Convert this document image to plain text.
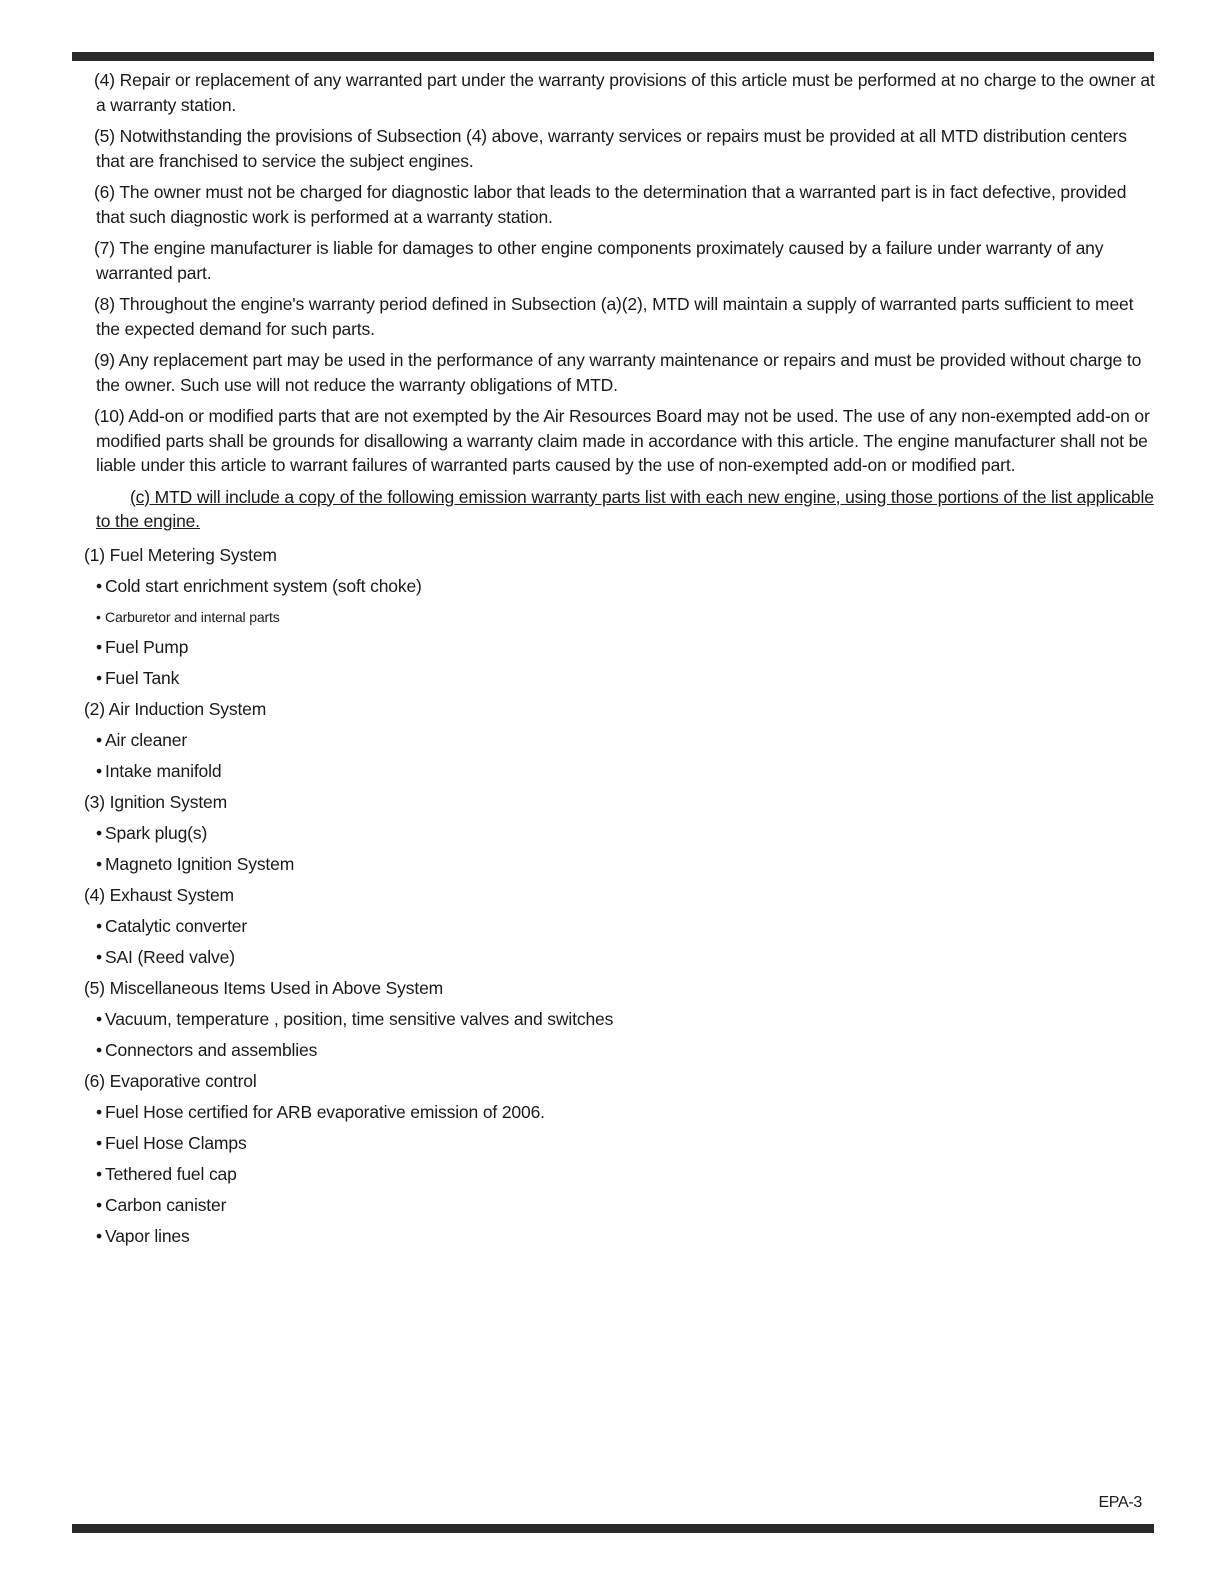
(4) Repair or replacement of any warranted part under the warranty provisions of this article must be performed at no charge to the owner at a warranty station.

(5) Notwithstanding the provisions of Subsection (4) above, warranty services or repairs must be provided at all MTD distribution centers that are franchised to service the subject engines.

(6) The owner must not be charged for diagnostic labor that leads to the determination that a warranted part is in fact defective, provided that such diagnostic work is performed at a warranty station.

(7) The engine manufacturer is liable for damages to other engine components proximately caused by a failure under warranty of any warranted part.

(8) Throughout the engine's warranty period defined in Subsection (a)(2), MTD will maintain a supply of warranted parts sufficient to meet the expected demand for such parts.

(9) Any replacement part may be used in the performance of any warranty maintenance or repairs and must be provided without charge to the owner. Such use will not reduce the warranty obligations of MTD.

(10) Add-on or modified parts that are not exempted by the Air Resources Board may not be used. The use of any non-exempted add-on or modified parts shall be grounds for disallowing a warranty claim made in accordance with this article. The engine manufacturer shall not be liable under this article to warrant failures of warranted parts caused by the use of non-exempted add-on or modified part.

(c) MTD will include a copy of the following emission warranty parts list with each new engine, using those portions of the list applicable to the engine.

(1) Fuel Metering System

• Cold start enrichment system (soft choke)

• Carburetor and internal parts

• Fuel Pump

• Fuel Tank

(2) Air Induction System

• Air cleaner

• Intake manifold

(3) Ignition System

• Spark plug(s)

• Magneto Ignition System

(4) Exhaust System

• Catalytic converter

• SAI (Reed valve)

(5) Miscellaneous Items Used in Above System

• Vacuum, temperature , position, time sensitive valves and switches

• Connectors and assemblies

(6) Evaporative control

• Fuel Hose certified for ARB evaporative emission of 2006.

• Fuel Hose Clamps

• Tethered fuel cap

• Carbon canister

• Vapor lines

EPA-3
